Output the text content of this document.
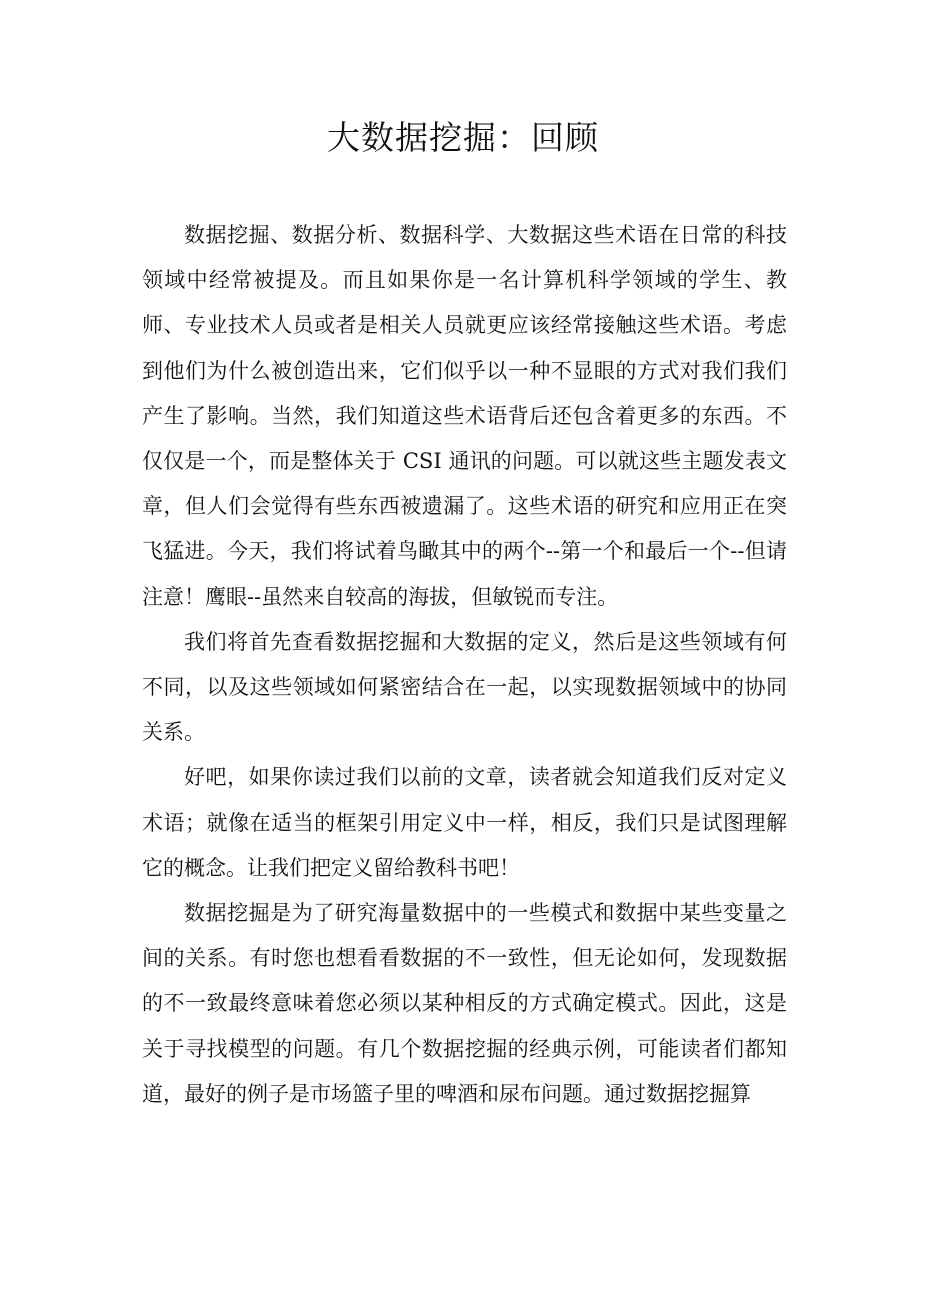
大数据挖掘：回顾

数据挖掘、数据分析、数据科学、大数据这些术语在日常的科技领域中经常被提及。而且如果你是一名计算机科学领域的学生、教师、专业技术人员或者是相关人员就更应该经常接触这些术语。考虑到他们为什么被创造出来，它们似乎以一种不显眼的方式对我们我们产生了影响。当然，我们知道这些术语背后还包含着更多的东西。不仅仅是一个，而是整体关于 CSI 通讯的问题。可以就这些主题发表文章，但人们会觉得有些东西被遗漏了。这些术语的研究和应用正在突飞猛进。今天，我们将试着鸟瞰其中的两个--第一个和最后一个--但请注意！鹰眼--虽然来自较高的海拔，但敏锐而专注。

我们将首先查看数据挖掘和大数据的定义，然后是这些领域有何不同，以及这些领域如何紧密结合在一起，以实现数据领域中的协同关系。

好吧，如果你读过我们以前的文章，读者就会知道我们反对定义术语；就像在适当的框架引用定义中一样，相反，我们只是试图理解它的概念。让我们把定义留给教科书吧！

数据挖掘是为了研究海量数据中的一些模式和数据中某些变量之间的关系。有时您也想看看数据的不一致性，但无论如何，发现数据的不一致最终意味着您必须以某种相反的方式确定模式。因此，这是关于寻找模型的问题。有几个数据挖掘的经典示例，可能读者们都知道，最好的例子是市场篮子里的啤酒和尿布问题。通过数据挖掘算
